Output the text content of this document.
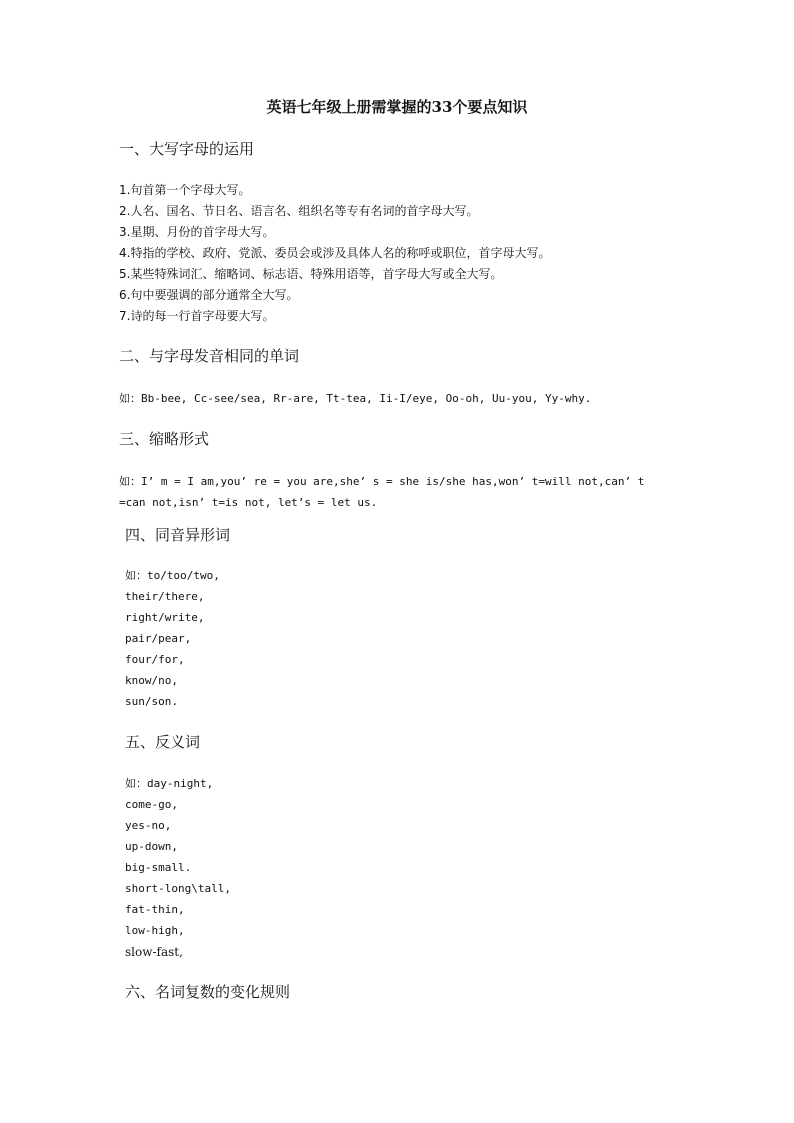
英语七年级上册需掌握的33个要点知识
一、大写字母的运用
1.句首第一个字母大写。
2.人名、国名、节日名、语言名、组织名等专有名词的首字母大写。
3.星期、月份的首字母大写。
4.特指的学校、政府、党派、委员会或涉及具体人名的称呼或职位，首字母大写。
5.某些特殊词汇、缩略词、标志语、特殊用语等，首字母大写或全大写。
6.句中要强调的部分通常全大写。
7.诗的每一行首字母要大写。
二、与字母发音相同的单词
如：Bb-bee, Cc-see/sea, Rr-are, Tt-tea, Ii-I/eye, Oo-oh, Uu-you, Yy-why.
三、缩略形式
如：I’ m = I am,you’ re = you are,she’ s = she is/she has,won’ t=will not,can’ t
=can not,isn’ t=is not, let’s = let us.
四、同音异形词
如：to/too/two,
their/there,
right/write,
pair/pear,
four/for,
know/no,
sun/son.
五、反义词
如：day-night,
come-go,
yes-no,
up-down,
big-small.
short-long\tall,
fat-thin,
low-high,
slow-fast,
六、名词复数的变化规则
